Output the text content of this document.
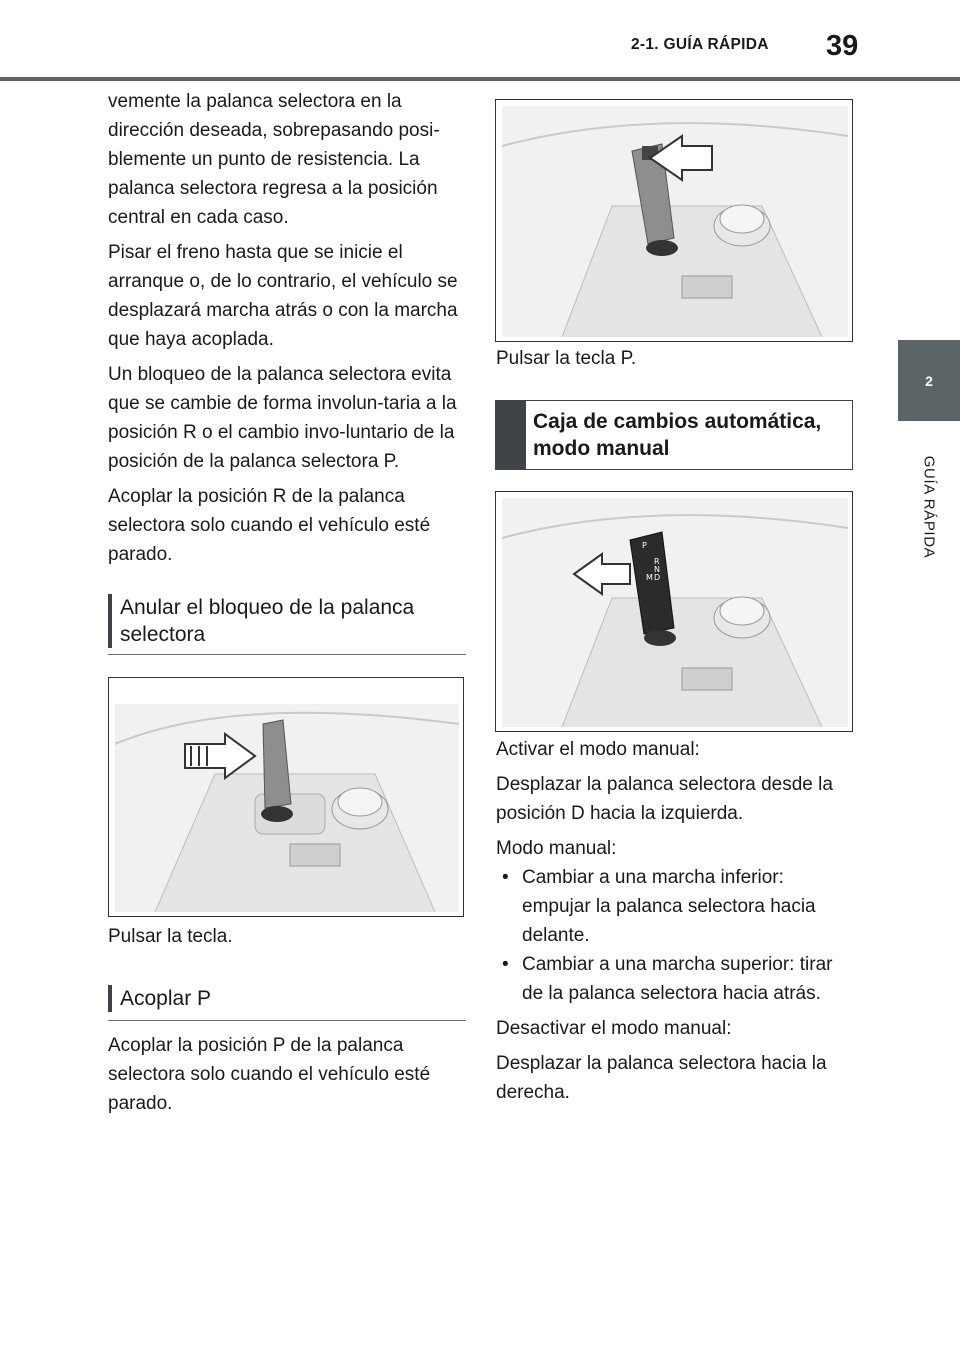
2-1. GUÍA RÁPIDA 39
2
GUÍA RÁPIDA

vemente la palanca selectora en la dirección deseada, sobrepasando posi-blemente un punto de resistencia. La palanca selectora regresa a la posición central en cada caso.

Pisar el freno hasta que se inicie el arranque o, de lo contrario, el vehículo se desplazará marcha atrás o con la marcha que haya acoplada.

Un bloqueo de la palanca selectora evita que se cambie de forma involun-taria a la posición R o el cambio invo-luntario de la posición de la palanca selectora P.

Acoplar la posición R de la palanca selectora solo cuando el vehículo esté parado.

Anular el bloqueo de la palanca selectora
Pulsar la tecla.
Acoplar P
Acoplar la posición P de la palanca selectora solo cuando el vehículo esté parado.
Pulsar la tecla P.
Caja de cambios automática, modo manual
P
R
N
D
M

Activar el modo manual:

Desplazar la palanca selectora desde la posición D hacia la izquierda.

Modo manual:

• Cambiar a una marcha inferior: empujar la palanca selectora hacia delante.

• Cambiar a una marcha superior: tirar de la palanca selectora hacia atrás.

Desactivar el modo manual:

Desplazar la palanca selectora hacia la derecha.
